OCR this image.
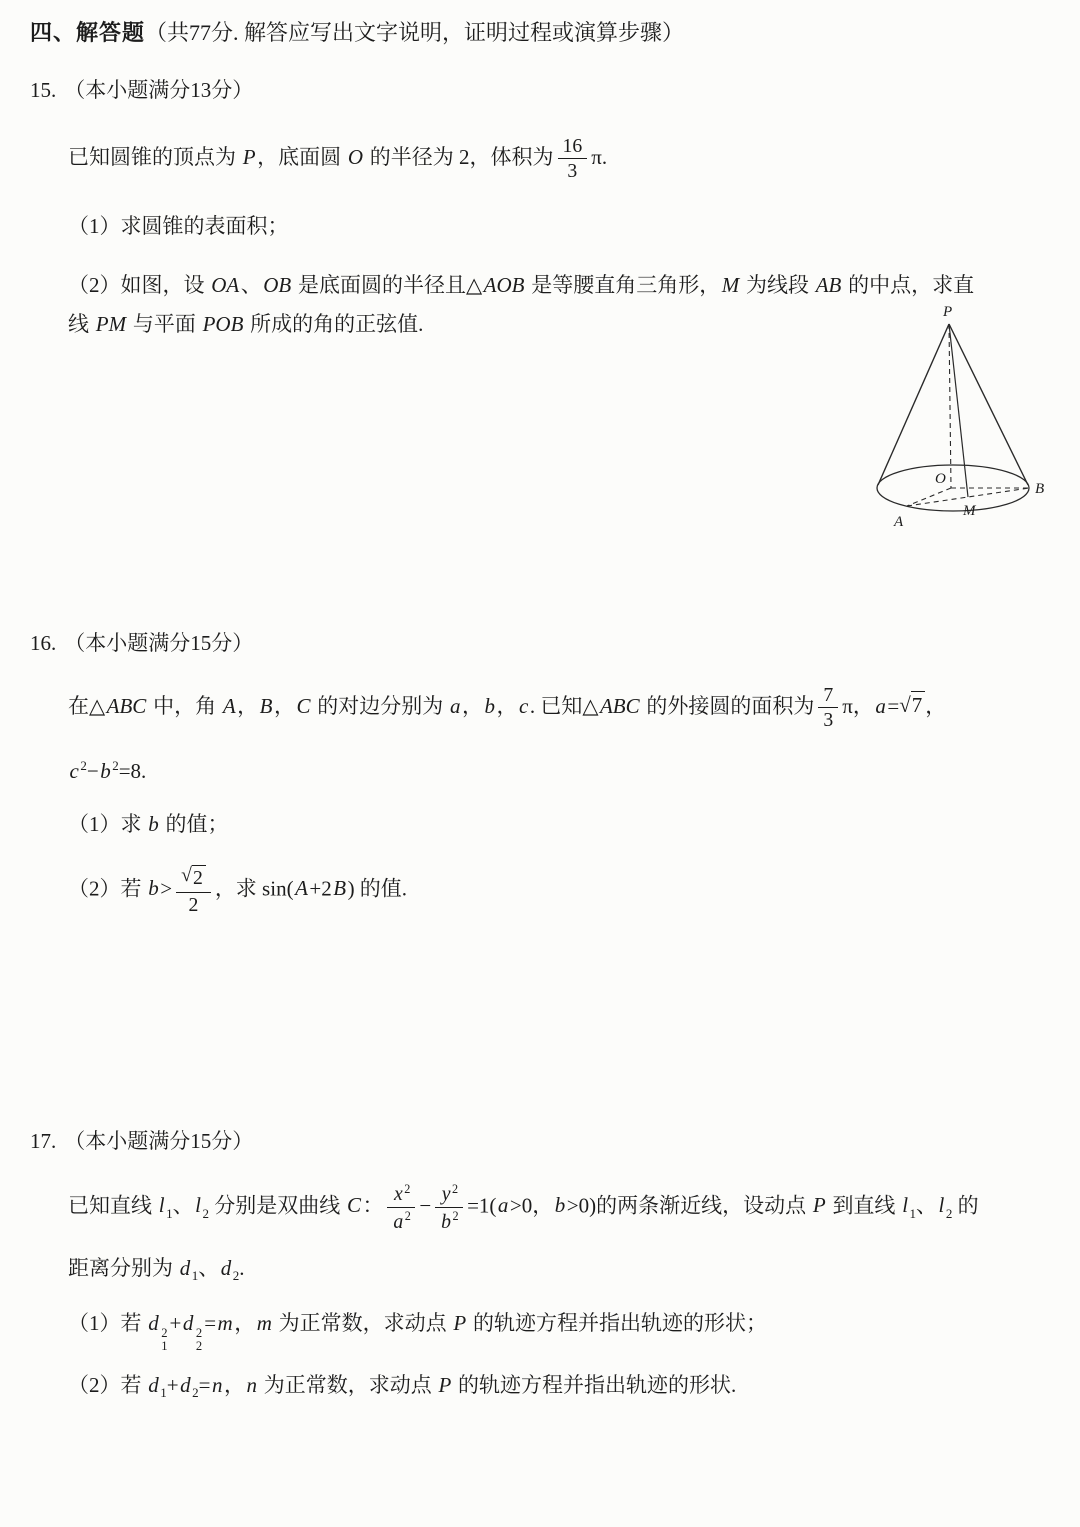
四、解答题（共77分. 解答应写出文字说明，证明过程或演算步骤）

15. （本小题满分13分）

已知圆锥的顶点为 P，底面圆 O 的半径为 2，体积为 $\frac{16}{3} \pi$.

（1）求圆锥的表面积；

（2）如图，设 OA、OB 是底面圆的半径且△AOB 是等腰直角三角形，M 为线段 AB 的中点，求直

线 PM 与平面 POB 所成的角的正弦值.

P
O
B
A
M

16. （本小题满分15分）

在△ABC 中，角 A，B，C 的对边分别为 a，b，c. 已知△ABC 的外接圆的面积为 $\frac{7}{3}$ π，a= √ 7 ，

c $^2$−b $^2$=8.

（1）求 b 的值；

（2）若 $b> \frac{√ 2}{2}$ ，求 sin(A+2B) 的值.

17. （本小题满分15分）

已知直线 l $_1$、l $_2$ 分别是双曲线 C： $\frac{x ^2}{a ^2} - \frac{y ^2}{b ^2} =1(a>0$，b>0)的两条渐近线，设动点 P 到直线 l $_1$、l $_2$ 的

距离分别为 d $_1$、d $_2$.

（1）若 d 2
1
+d 2
2
=m，m 为正常数，求动点 P 的轨迹方程并指出轨迹的形状；

（2）若 d $_1$+d $_2$=n，n 为正常数，求动点 P 的轨迹方程并指出轨迹的形状.
